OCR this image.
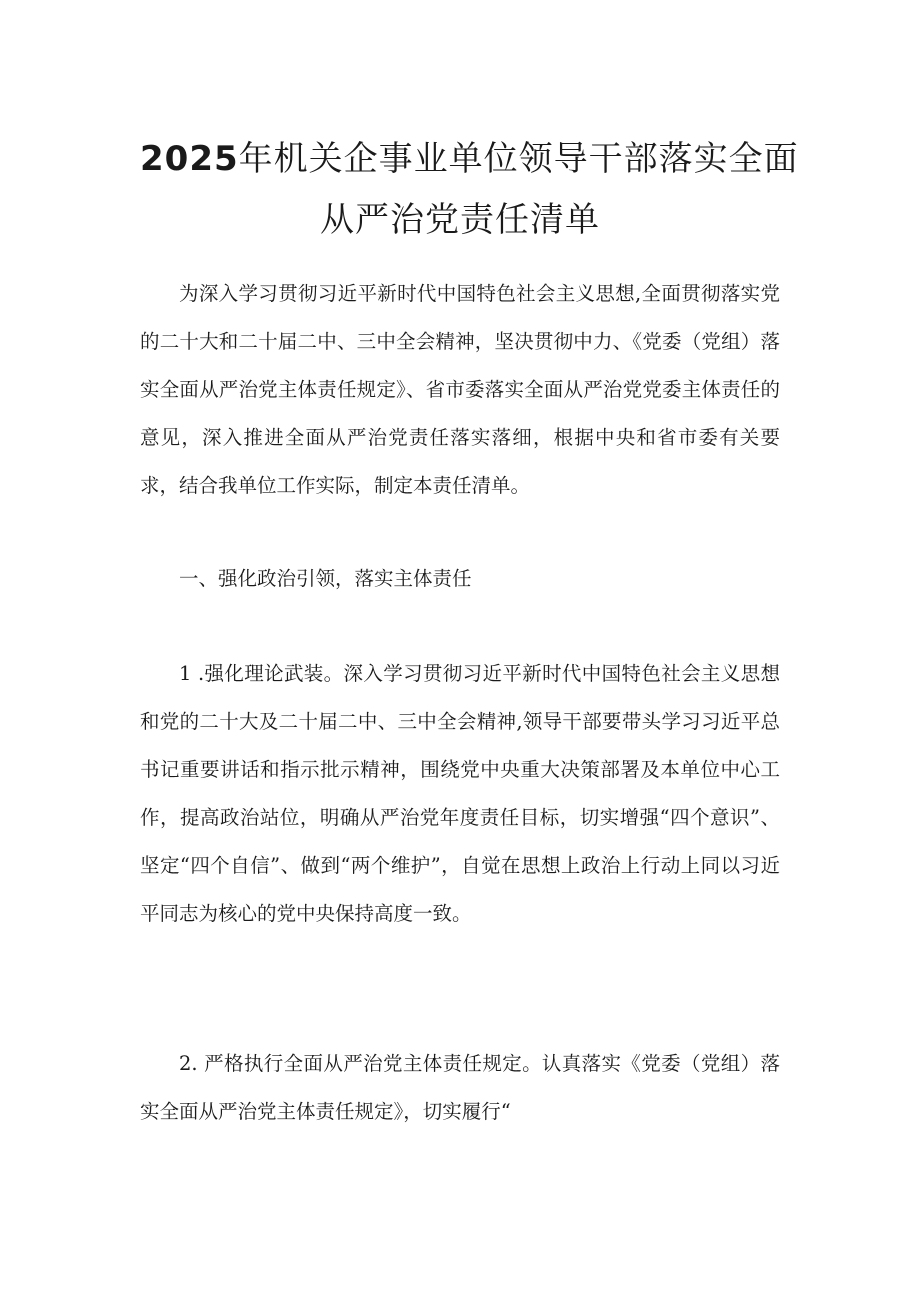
2025年机关企事业单位领导干部落实全面
从严治党责任清单

为深入学习贯彻习近平新时代中国特色社会主义思想,全面贯彻落实党的二十大和二十届二中、三中全会精神，坚决贯彻中力、《党委（党组）落实全面从严治党主体责任规定》、省市委落实全面从严治党党委主体责任的意见，深入推进全面从严治党责任落实落细，根据中央和省市委有关要求，结合我单位工作实际，制定本责任清单。

一、强化政治引领，落实主体责任

1 .强化理论武装。深入学习贯彻习近平新时代中国特色社会主义思想和党的二十大及二十届二中、三中全会精神,领导干部要带头学习习近平总书记重要讲话和指示批示精神，围绕党中央重大决策部署及本单位中心工作，提高政治站位，明确从严治党年度责任目标，切实增强“四个意识”、坚定“四个自信”、做到“两个维护”，自觉在思想上政治上行动上同以习近平同志为核心的党中央保持高度一致。

2. 严格执行全面从严治党主体责任规定。认真落实《党委（党组）落实全面从严治党主体责任规定》，切实履行“
